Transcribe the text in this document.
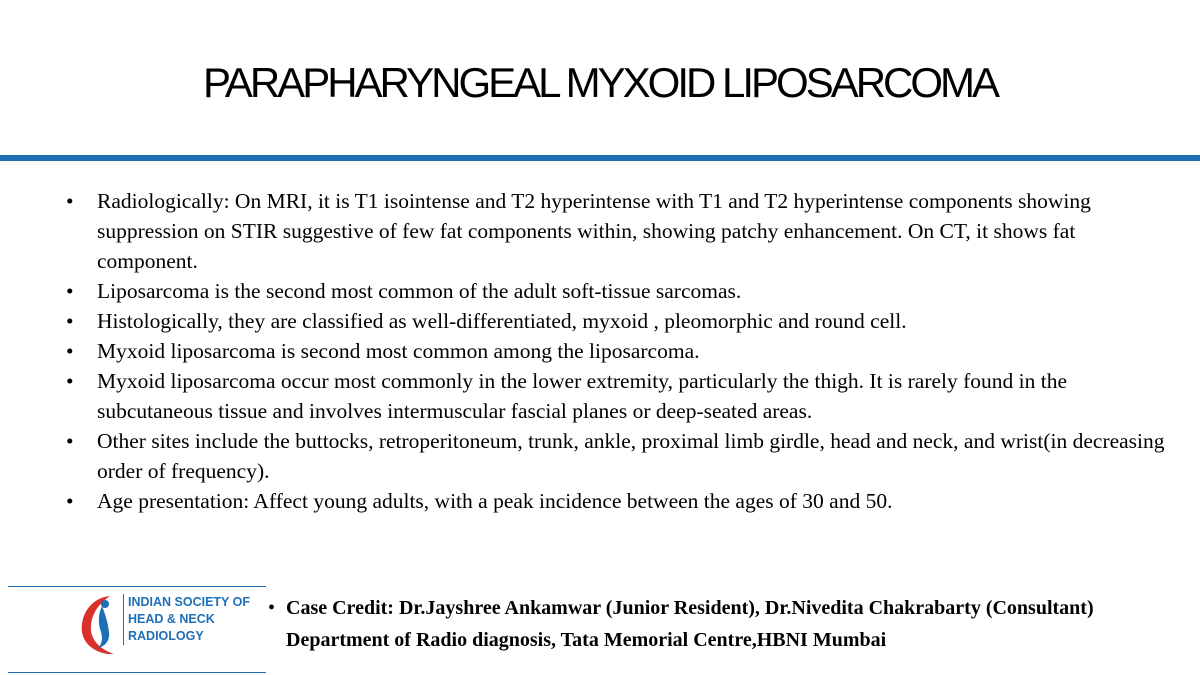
PARAPHARYNGEAL MYXOID LIPOSARCOMA
• Radiologically: On MRI, it is T1 isointense and T2 hyperintense with T1 and T2 hyperintense components showing suppression on STIR suggestive of few fat components within, showing patchy enhancement. On CT, it shows fat component.
• Liposarcoma is the second most common of the adult soft-tissue sarcomas.
• Histologically, they are classified as well-differentiated, myxoid , pleomorphic and round cell.
• Myxoid liposarcoma is second most common among the liposarcoma.
• Myxoid liposarcoma occur most commonly in the lower extremity, particularly the thigh. It is rarely found in the subcutaneous tissue and involves intermuscular fascial planes or deep-seated areas.
• Other sites include the buttocks, retroperitoneum, trunk, ankle, proximal limb girdle, head and neck, and wrist(in decreasing order of frequency).
• Age presentation: Affect young adults, with a peak incidence between the ages of 30 and 50.
INDIAN SOCIETY OF
HEAD & NECK
RADIOLOGY
• Case Credit: Dr.Jayshree Ankamwar (Junior Resident), Dr.Nivedita Chakrabarty (Consultant) Department of Radio diagnosis, Tata Memorial Centre,HBNI Mumbai
